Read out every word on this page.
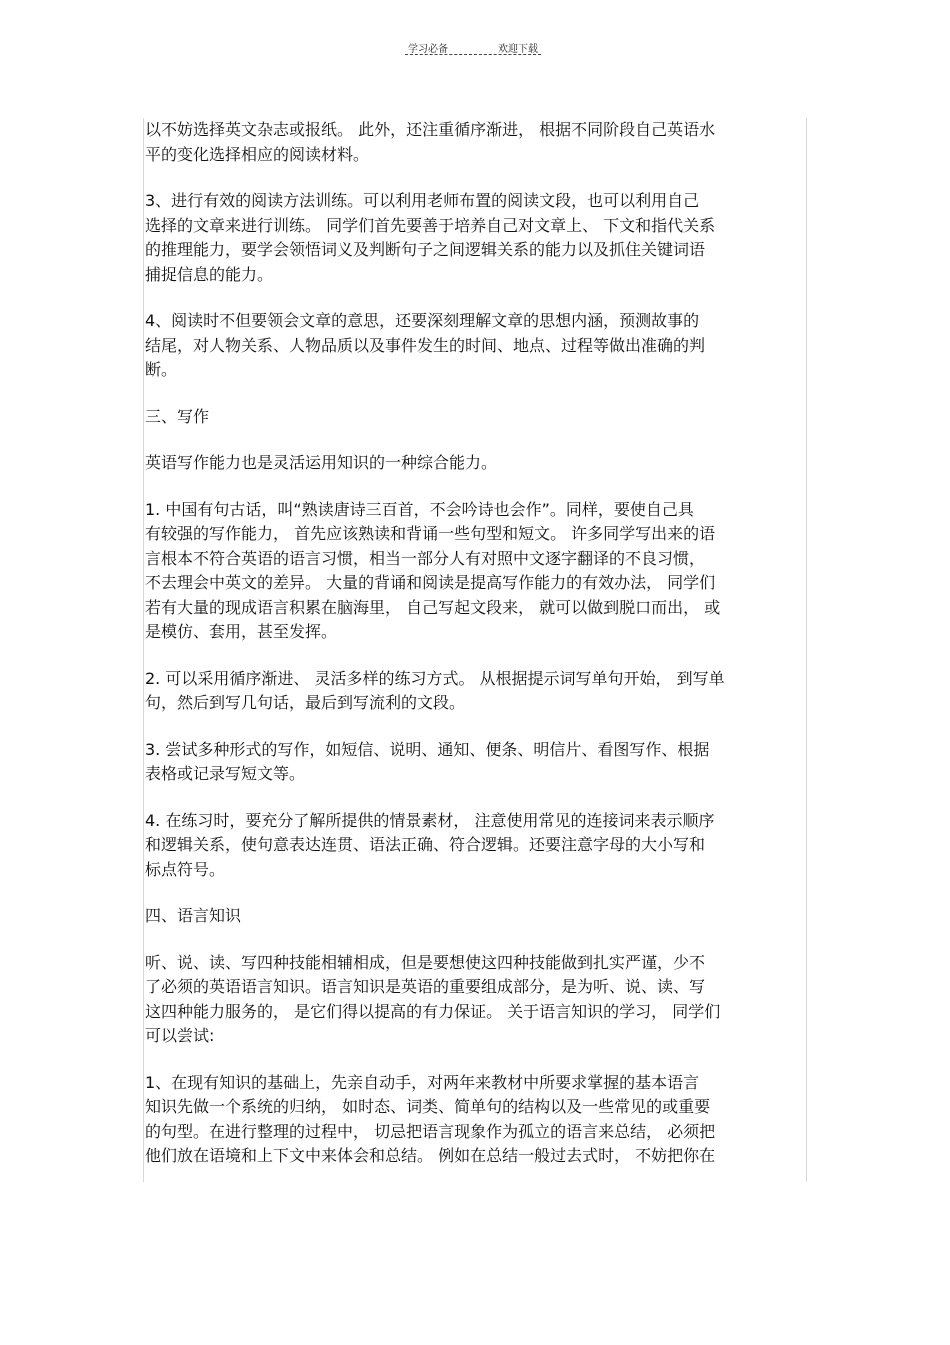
学习必备	欢迎下载

以不妨选择英文杂志或报纸。 此外，还注重循序渐进， 根据不同阶段自己英语水
平的变化选择相应的阅读材料。

3、进行有效的阅读方法训练。可以利用老师布置的阅读文段，也可以利用自己
选择的文章来进行训练。 同学们首先要善于培养自己对文章上、 下文和指代关系
的推理能力，要学会领悟词义及判断句子之间逻辑关系的能力以及抓住关键词语
捕捉信息的能力。

4、阅读时不但要领会文章的意思，还要深刻理解文章的思想内涵，预测故事的
结尾，对人物关系、人物品质以及事件发生的时间、地点、过程等做出准确的判
断。

三、写作

英语写作能力也是灵活运用知识的一种综合能力。

1. 中国有句古话，叫“熟读唐诗三百首，不会吟诗也会作”。同样，要使自己具
有较强的写作能力， 首先应该熟读和背诵一些句型和短文。 许多同学写出来的语
言根本不符合英语的语言习惯，相当一部分人有对照中文逐字翻译的不良习惯，
不去理会中英文的差异。 大量的背诵和阅读是提高写作能力的有效办法， 同学们
若有大量的现成语言积累在脑海里， 自己写起文段来， 就可以做到脱口而出， 或
是模仿、套用，甚至发挥。

2. 可以采用循序渐进、 灵活多样的练习方式。 从根据提示词写单句开始， 到写单
句，然后到写几句话，最后到写流利的文段。

3. 尝试多种形式的写作，如短信、说明、通知、便条、明信片、看图写作、根据
表格或记录写短文等。

4. 在练习时，要充分了解所提供的情景素材， 注意使用常见的连接词来表示顺序
和逻辑关系，使句意表达连贯、语法正确、符合逻辑。还要注意字母的大小写和
标点符号。

四、语言知识

听、说、读、写四种技能相辅相成，但是要想使这四种技能做到扎实严谨，少不
了必须的英语语言知识。语言知识是英语的重要组成部分，是为听、说、读、写
这四种能力服务的， 是它们得以提高的有力保证。 关于语言知识的学习， 同学们
可以尝试:

1、在现有知识的基础上，先亲自动手，对两年来教材中所要求掌握的基本语言
知识先做一个系统的归纳， 如时态、词类、简单句的结构以及一些常见的或重要
的句型。在进行整理的过程中， 切忌把语言现象作为孤立的语言来总结， 必须把
他们放在语境和上下文中来体会和总结。 例如在总结一般过去式时， 不妨把你在
